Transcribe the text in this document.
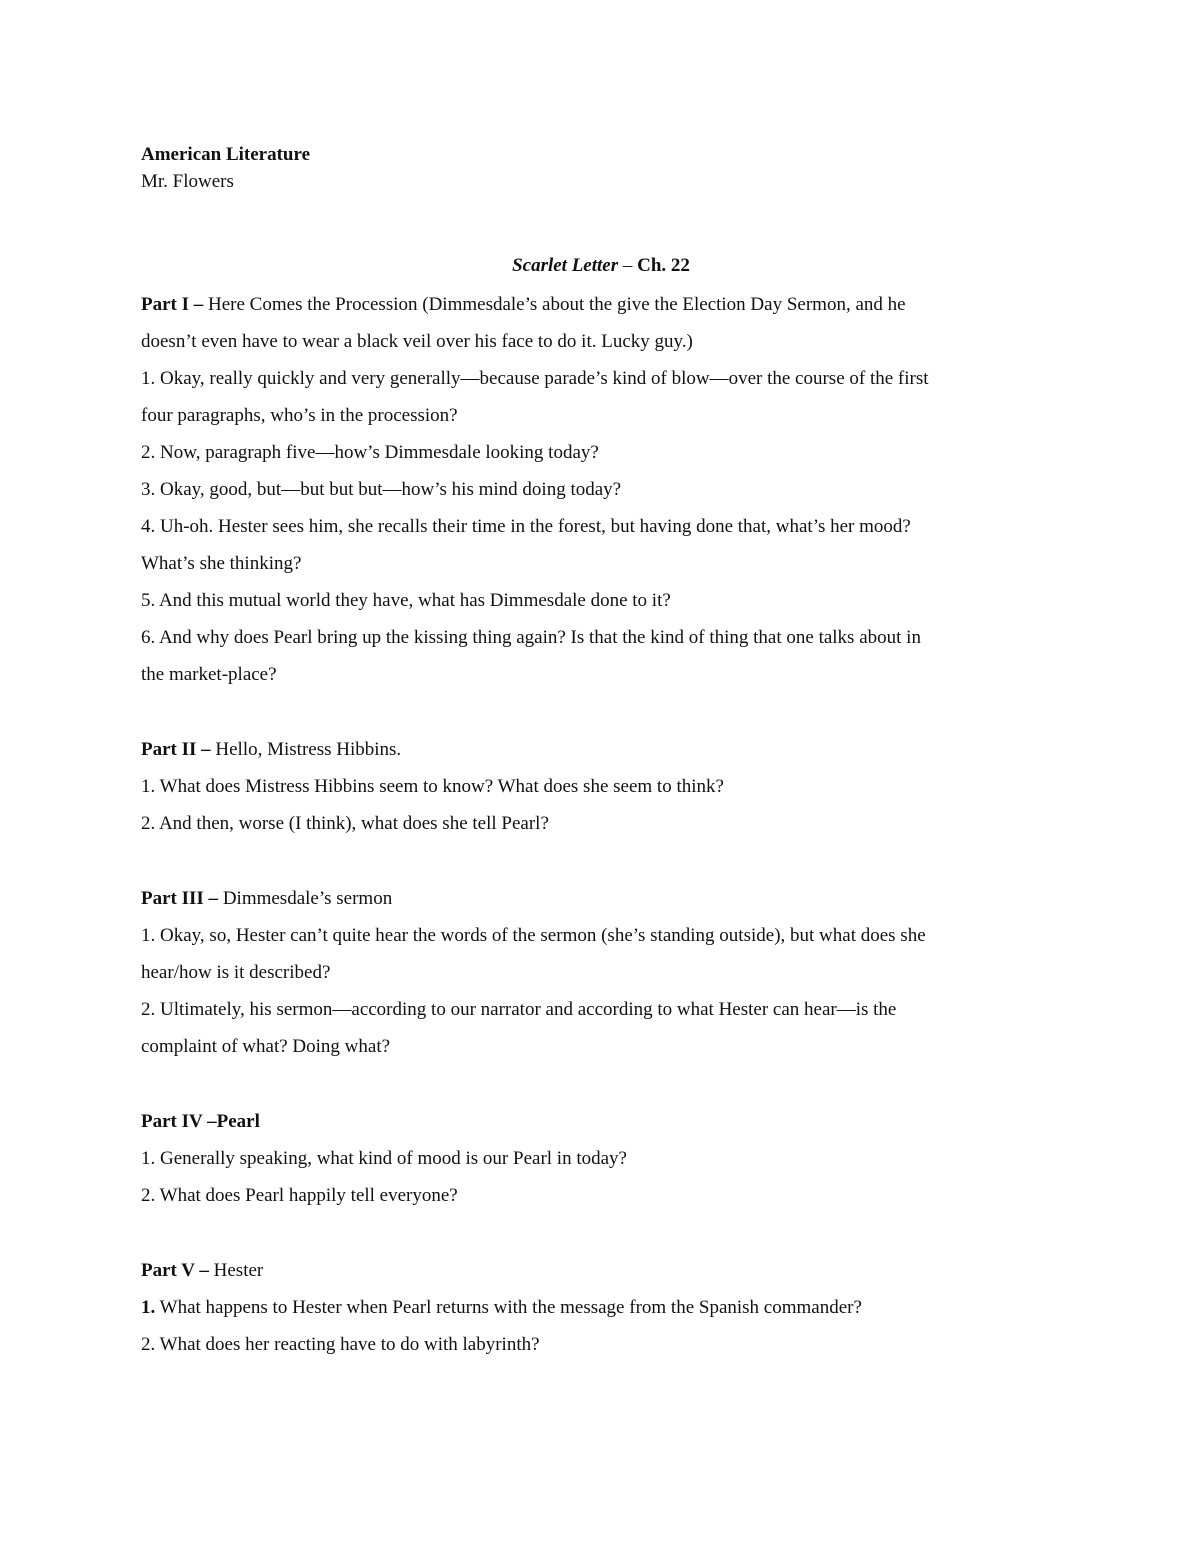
American Literature
Mr. Flowers
Scarlet Letter – Ch. 22
Part I – Here Comes the Procession (Dimmesdale’s about the give the Election Day Sermon, and he
doesn’t even have to wear a black veil over his face to do it. Lucky guy.)
1. Okay, really quickly and very generally—because parade’s kind of blow—over the course of the first
four paragraphs, who’s in the procession?
2. Now, paragraph five—how’s Dimmesdale looking today?
3. Okay, good, but—but but but—how’s his mind doing today?
4. Uh-oh. Hester sees him, she recalls their time in the forest, but having done that, what’s her mood?
What’s she thinking?
5. And this mutual world they have, what has Dimmesdale done to it?
6. And why does Pearl bring up the kissing thing again? Is that the kind of thing that one talks about in
the market-place?
Part II – Hello, Mistress Hibbins.
1. What does Mistress Hibbins seem to know? What does she seem to think?
2. And then, worse (I think), what does she tell Pearl?
Part III – Dimmesdale’s sermon
1. Okay, so, Hester can’t quite hear the words of the sermon (she’s standing outside), but what does she
hear/how is it described?
2. Ultimately, his sermon—according to our narrator and according to what Hester can hear—is the
complaint of what? Doing what?
Part IV –Pearl
1. Generally speaking, what kind of mood is our Pearl in today?
2. What does Pearl happily tell everyone?
Part V – Hester
1. What happens to Hester when Pearl returns with the message from the Spanish commander?
2. What does her reacting have to do with labyrinth?
